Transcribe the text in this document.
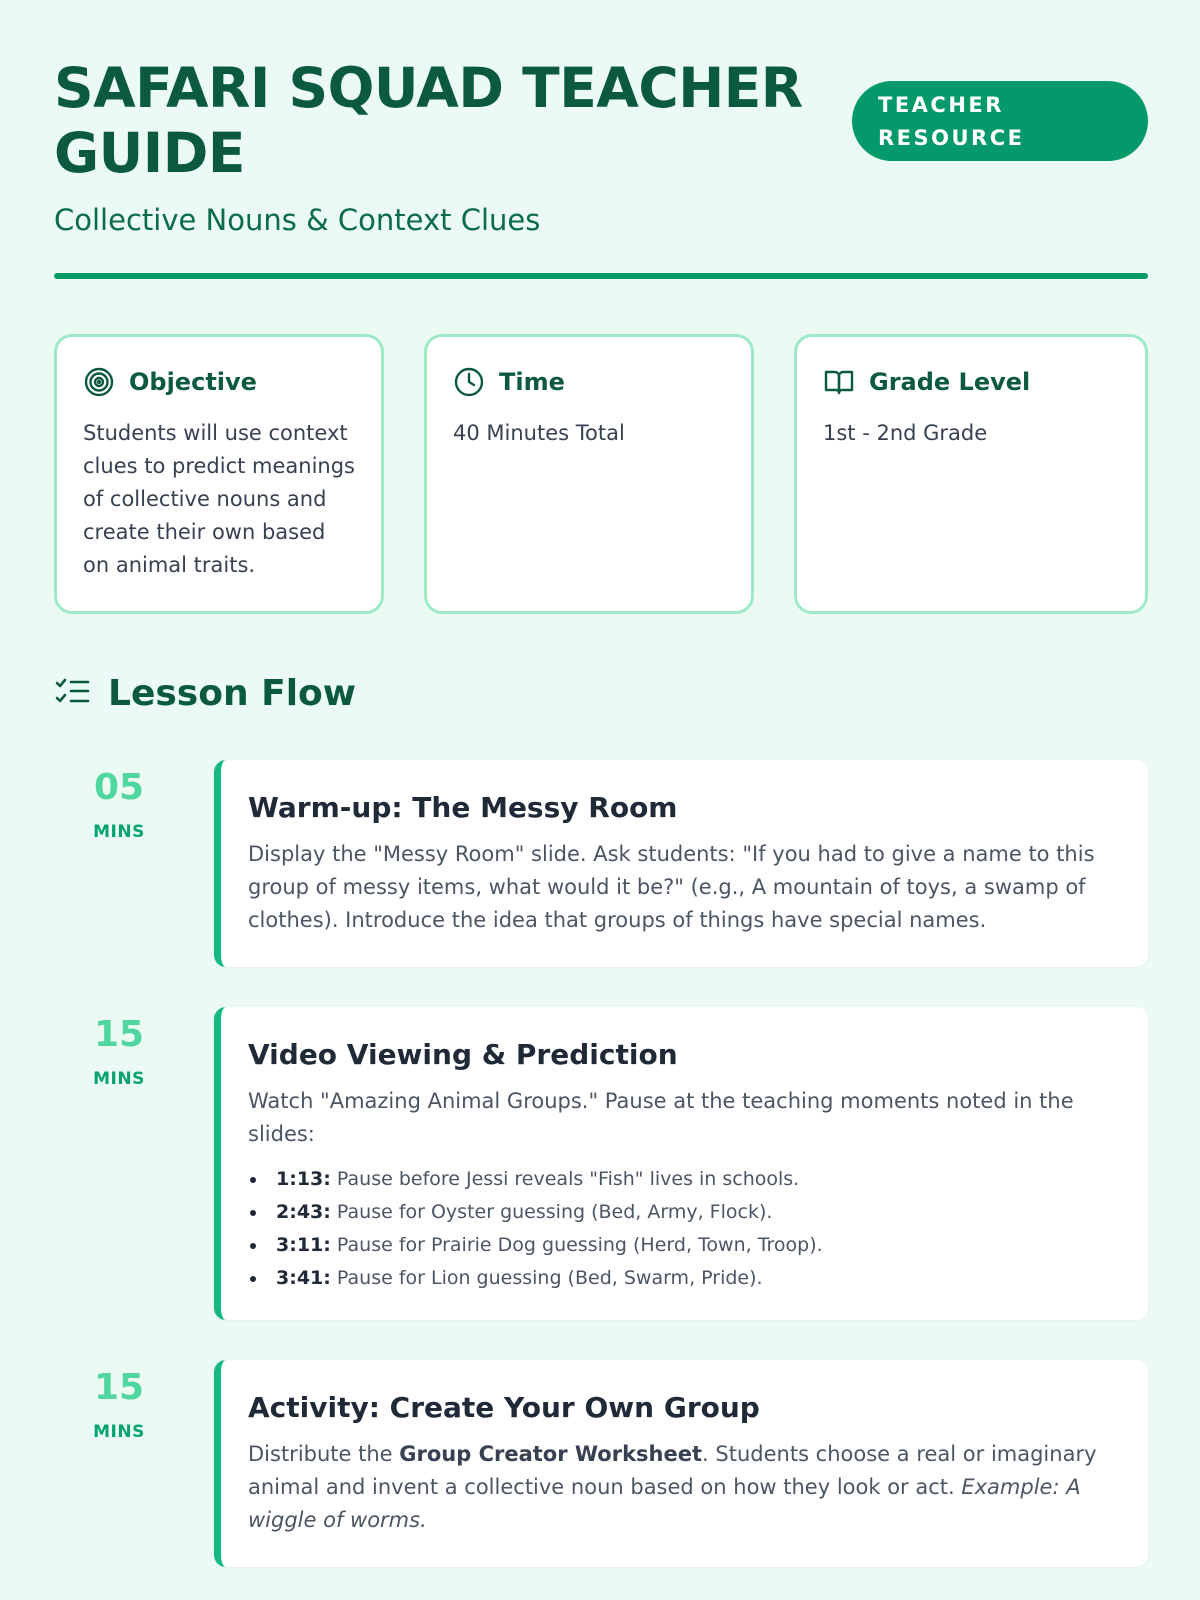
SAFARI SQUAD TEACHER
GUIDE
TEACHER
RESOURCE
Collective Nouns & Context Clues
Objective
Students will use context clues to predict meanings of collective nouns and create their own based on animal traits.
Time
40 Minutes Total
Grade Level
1st - 2nd Grade
Lesson Flow
05
MINS
Warm-up: The Messy Room
Display the "Messy Room" slide. Ask students: "If you had to give a name to this group of messy items, what would it be?" (e.g., A mountain of toys, a swamp of clothes). Introduce the idea that groups of things have special names.
15
MINS
Video Viewing & Prediction
Watch "Amazing Animal Groups." Pause at the teaching moments noted in the slides:
1:13: Pause before Jessi reveals "Fish" lives in schools.
2:43: Pause for Oyster guessing (Bed, Army, Flock).
3:11: Pause for Prairie Dog guessing (Herd, Town, Troop).
3:41: Pause for Lion guessing (Bed, Swarm, Pride).
15
MINS
Activity: Create Your Own Group
Distribute the Group Creator Worksheet. Students choose a real or imaginary animal and invent a collective noun based on how they look or act. Example: A wiggle of worms.
